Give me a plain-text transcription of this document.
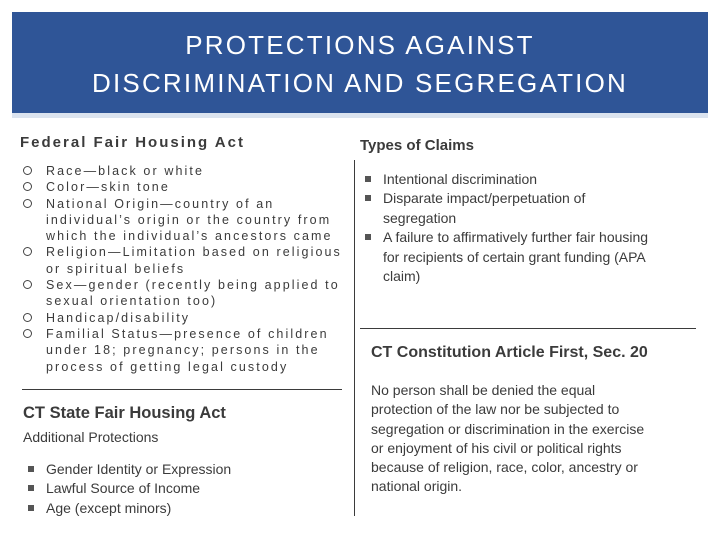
PROTECTIONS AGAINST
DISCRIMINATION AND SEGREGATION
Federal Fair Housing Act
Race—black or white
Color—skin tone
National Origin—country of an
individual’s origin or the country from
which the individual’s ancestors came
Religion—Limitation based on religious
or spiritual beliefs
Sex—gender (recently being applied to
sexual orientation too)
Handicap/disability
Familial Status—presence of children
under 18; pregnancy; persons in the
process of getting legal custody
CT State Fair Housing Act

Additional Protections

Gender Identity or Expression
Lawful Source of Income
Age (except minors)
Types of Claims
Intentional discrimination
Disparate impact/perpetuation of
segregation
A failure to affirmatively further fair housing
for recipients of certain grant funding (APA
claim)
CT Constitution Article First, Sec. 20

No person shall be denied the equal
protection of the law nor be subjected to
segregation or discrimination in the exercise
or enjoyment of his civil or political rights
because of religion, race, color, ancestry or
national origin.
